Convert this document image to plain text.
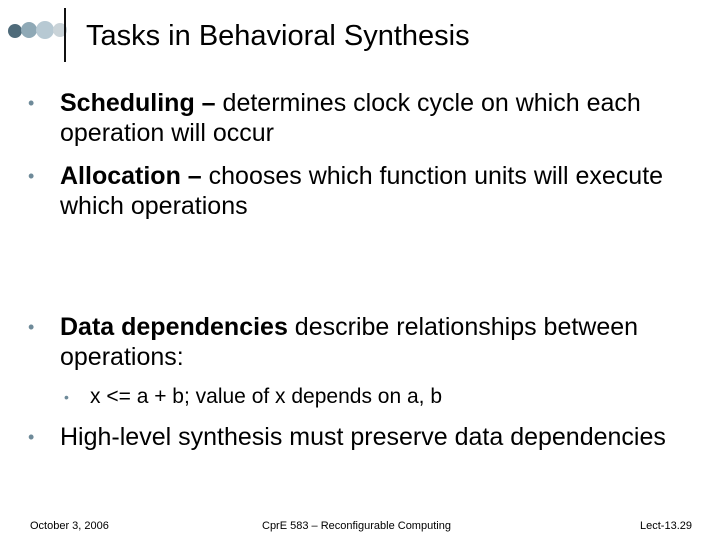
Tasks in Behavioral Synthesis
•	Scheduling – determines clock cycle on which each operation will occur
•	Allocation – chooses which function units will execute which operations
•	Data dependencies describe relationships between operations:
• x <= a + b; value of x depends on a, b
•	High-level synthesis must preserve data dependencies
October 3, 2006	CprE 583 – Reconfigurable Computing	Lect-13.29
